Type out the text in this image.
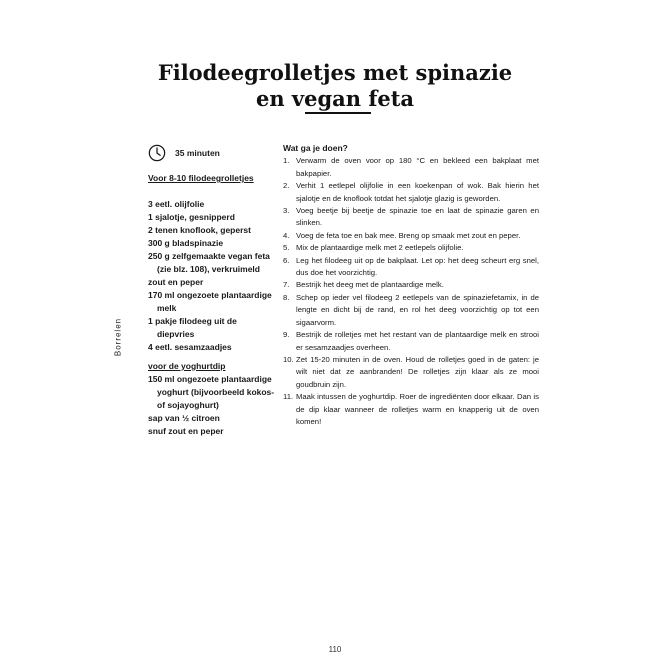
Filodeegrolletjes met spinazie
en vegan feta
Borrelen
35 minuten
Voor 8-10 filodeegrolletjes
3 eetl. olijfolie
1 sjalotje, gesnipperd
2 tenen knoflook, geperst
300 g bladspinazie
250 g zelfgemaakte vegan feta (zie blz. 108), verkruimeld
zout en peper
170 ml ongezoete plantaardige melk
1 pakje filodeeg uit de diepvries
4 eetl. sesamzaadjes
voor de yoghurtdip
150 ml ongezoete plantaardige yoghurt (bijvoorbeeld kokos- of sojayoghurt)
sap van ½ citroen
snuf zout en peper
Wat ga je doen?
1. Verwarm de oven voor op 180 °C en bekleed een bakplaat met bakpapier.
2. Verhit 1 eetlepel olijfolie in een koekenpan of wok. Bak hierin het sjalotje en de knoflook totdat het sjalotje glazig is geworden.
3. Voeg beetje bij beetje de spinazie toe en laat de spinazie garen en slinken.
4. Voeg de feta toe en bak mee. Breng op smaak met zout en peper.
5. Mix de plantaardige melk met 2 eetlepels olijfolie.
6. Leg het filodeeg uit op de bakplaat. Let op: het deeg scheurt erg snel, dus doe het voorzichtig.
7. Bestrijk het deeg met de plantaardige melk.
8. Schep op ieder vel filodeeg 2 eetlepels van de spinaziefetamix, in de lengte en dicht bij de rand, en rol het deeg voorzichtig op tot een sigaarvorm.
9. Bestrijk de rolletjes met het restant van de plantaardige melk en strooi er sesamzaadjes overheen.
10. Zet 15-20 minuten in de oven. Houd de rolletjes goed in de gaten: je wilt niet dat ze aanbranden! De rolletjes zijn klaar als ze mooi goudbruin zijn.
11. Maak intussen de yoghurtdip. Roer de ingrediënten door elkaar. Dan is de dip klaar wanneer de rolletjes warm en knapperig uit de oven komen!
110
